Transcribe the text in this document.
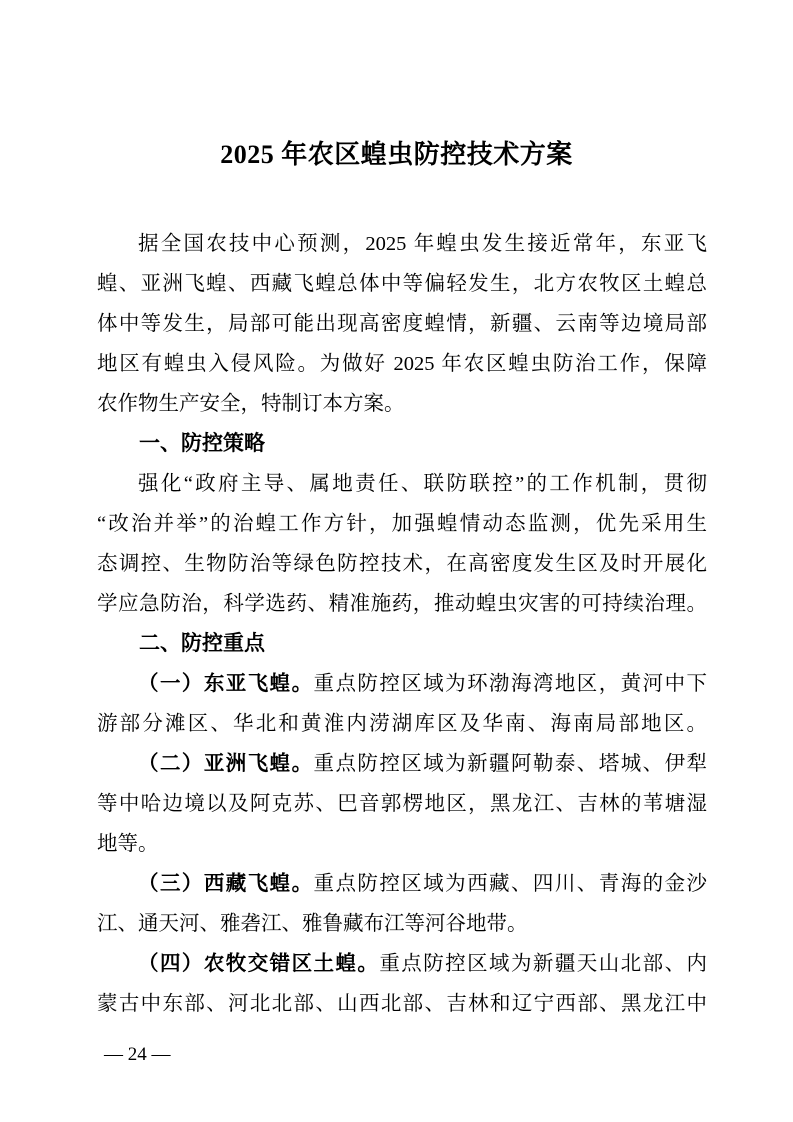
2025 年农区蝗虫防控技术方案
据全国农技中心预测，2025 年蝗虫发生接近常年，东亚飞
蝗、亚洲飞蝗、西藏飞蝗总体中等偏轻发生，北方农牧区土蝗总
体中等发生，局部可能出现高密度蝗情，新疆、云南等边境局部
地区有蝗虫入侵风险。为做好 2025 年农区蝗虫防治工作，保障
农作物生产安全，特制订本方案。
一、防控策略
强化“政府主导、属地责任、联防联控”的工作机制，贯彻
“改治并举”的治蝗工作方针，加强蝗情动态监测，优先采用生
态调控、生物防治等绿色防控技术，在高密度发生区及时开展化
学应急防治，科学选药、精准施药，推动蝗虫灾害的可持续治理。
二、防控重点
（一）东亚飞蝗。重点防控区域为环渤海湾地区，黄河中下
游部分滩区、华北和黄淮内涝湖库区及华南、海南局部地区。
（二）亚洲飞蝗。重点防控区域为新疆阿勒泰、塔城、伊犁
等中哈边境以及阿克苏、巴音郭楞地区，黑龙江、吉林的苇塘湿
地等。
（三）西藏飞蝗。重点防控区域为西藏、四川、青海的金沙
江、通天河、雅砻江、雅鲁藏布江等河谷地带。
（四）农牧交错区土蝗。重点防控区域为新疆天山北部、内
蒙古中东部、河北北部、山西北部、吉林和辽宁西部、黑龙江中
— 24 —
